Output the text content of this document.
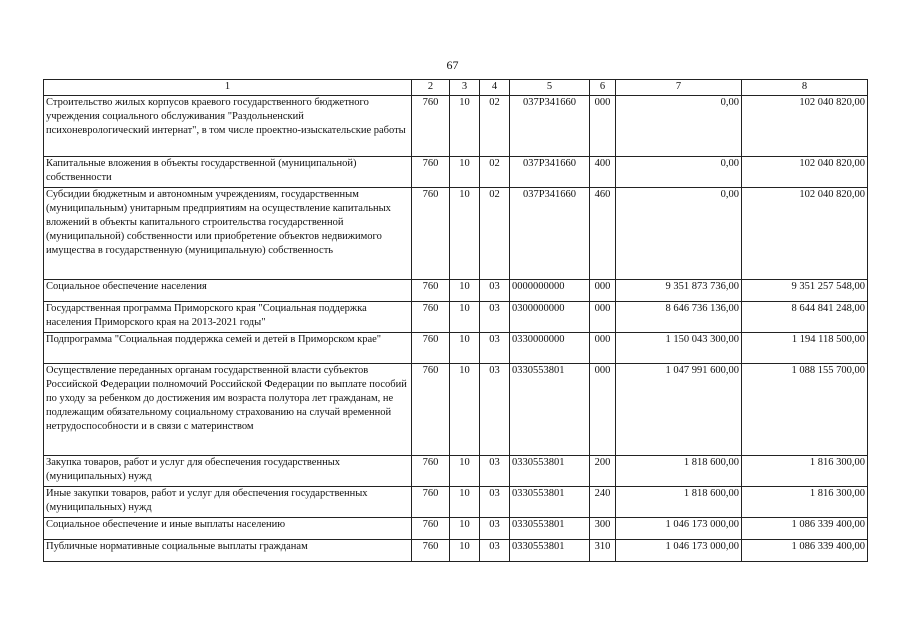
67
1	2	3	4	5	6	7	8
Строительство жилых корпусов краевого государственного бюджетного учреждения социального обслуживания "Раздольненский психоневрологический интернат", в том числе проектно-изыскательские работы	760	10	02	037P341660	000	0,00	102 040 820,00
Капитальные вложения в объекты государственной (муниципальной) собственности	760	10	02	037P341660	400	0,00	102 040 820,00
Субсидии бюджетным и автономным учреждениям, государственным (муниципальным) унитарным предприятиям на осуществление капитальных вложений в объекты капитального строительства государственной (муниципальной) собственности или приобретение объектов недвижимого имущества в государственную (муниципальную) собственность	760	10	02	037P341660	460	0,00	102 040 820,00
Социальное обеспечение населения	760	10	03	0000000000	000	9 351 873 736,00	9 351 257 548,00
Государственная программа Приморского края "Социальная поддержка населения Приморского края на 2013-2021 годы"	760	10	03	0300000000	000	8 646 736 136,00	8 644 841 248,00
Подпрограмма "Социальная поддержка семей и детей в Приморском крае"	760	10	03	0330000000	000	1 150 043 300,00	1 194 118 500,00
Осуществление переданных органам государственной власти субъектов Российской Федерации полномочий Российской Федерации по выплате пособий по уходу за ребенком до достижения им возраста полутора лет гражданам, не подлежащим обязательному социальному страхованию на случай временной нетрудоспособности и в связи с материнством	760	10	03	0330553801	000	1 047 991 600,00	1 088 155 700,00
Закупка товаров, работ и услуг для обеспечения государственных (муниципальных) нужд	760	10	03	0330553801	200	1 818 600,00	1 816 300,00
Иные закупки товаров, работ и услуг для обеспечения государственных (муниципальных) нужд	760	10	03	0330553801	240	1 818 600,00	1 816 300,00
Социальное обеспечение и иные выплаты населению	760	10	03	0330553801	300	1 046 173 000,00	1 086 339 400,00
Публичные нормативные социальные выплаты гражданам	760	10	03	0330553801	310	1 046 173 000,00	1 086 339 400,00
